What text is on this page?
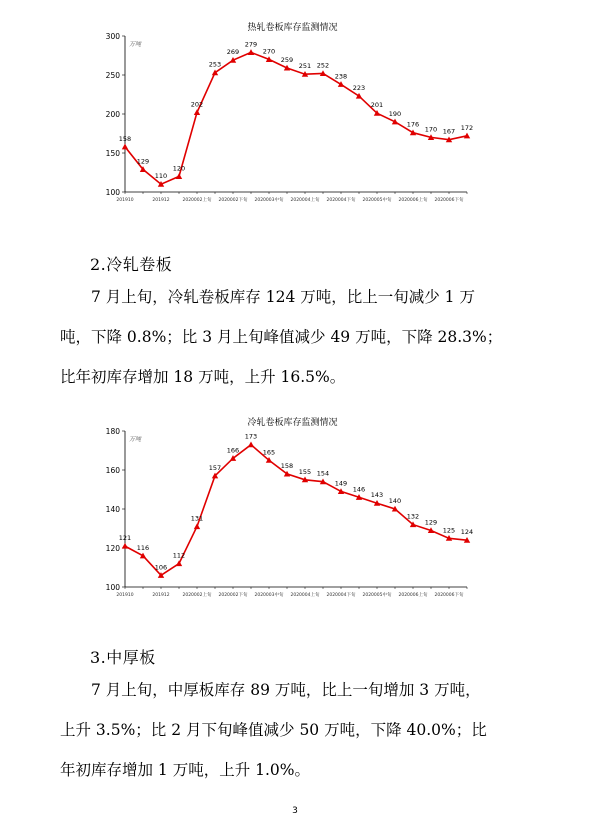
热轧卷板库存监测情况
万吨
100
150
200
250
300
201910	201912	2020002上旬 2020002下旬 2020003中旬 2020004上旬 2020004下旬 2020005中旬 2020006上旬 2020006下旬
158
129
110
120
202
253
269
279
270
259
251 252
238
223
201
190
176
170 167 172
2.冷轧卷板

7 月上旬，冷轧卷板库存 124 万吨，比上一旬减少 1 万
吨，下降 0.8%；比 3 月上旬峰值减少 49 万吨，下降 28.3%；
比年初库存增加 18 万吨，上升 16.5%。

冷轧卷板库存监测情况
万吨
100
120
140
160
180
201910	201912	2020002上旬 2020002下旬 2020003中旬 2020004上旬 2020004下旬 2020005中旬 2020006上旬 2020006下旬
121
116
106
112
131
157
166
173
165
158
155 154
149
146
143
140
132
129
125 124
3.中厚板

7 月上旬，中厚板库存 89 万吨，比上一旬增加 3 万吨，
上升 3.5%；比 2 月下旬峰值减少 50 万吨，下降 40.0%；比
年初库存增加 1 万吨，上升 1.0%。

3
